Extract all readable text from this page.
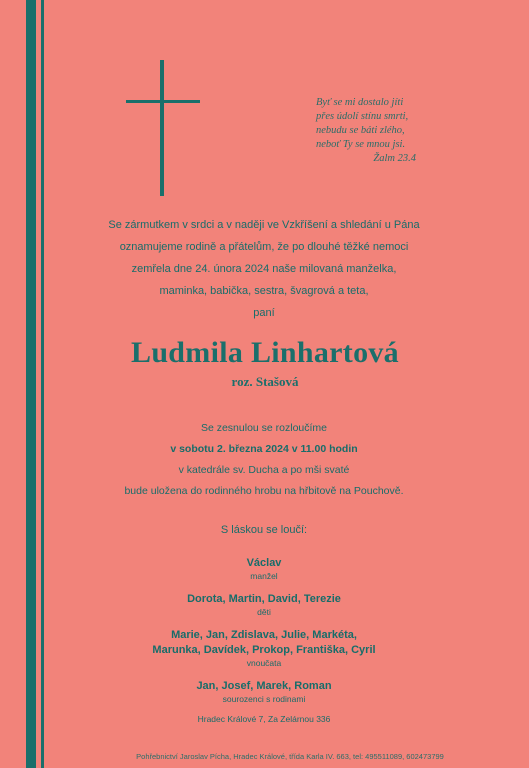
Byť se mi dostalo jíti
přes údolí stínu smrti,
nebudu se báti zlého,
neboť Ty se mnou jsi.
Žalm 23.4
Se zármutkem v srdci a v naději ve Vzkříšení a shledání u Pána
oznamujeme rodině a přátelům, že po dlouhé těžké nemoci
zemřela dne 24. února 2024 naše milovaná manželka,
maminka, babička, sestra, švagrová a teta,
paní
Ludmila Linhartová
roz. Stašová
Se zesnulou se rozloučíme
v sobotu 2. března 2024 v 11.00 hodin
v katedrále sv. Ducha a po mši svaté
bude uložena do rodinného hrobu na hřbitově na Pouchově.
S láskou se loučí:
Václav
manžel
Dorota, Martin, David, Terezie
děti
Marie, Jan, Zdislava, Julie, Markéta,
Marunka, Davídek, Prokop, Františka, Cyril
vnoučata
Jan, Josef, Marek, Roman
sourozenci s rodinami
Hradec Králové 7, Za Zelárnou 336
Pohřebnictví Jaroslav Pícha, Hradec Králové, třída Karla IV. 663, tel: 495511089, 602473799
